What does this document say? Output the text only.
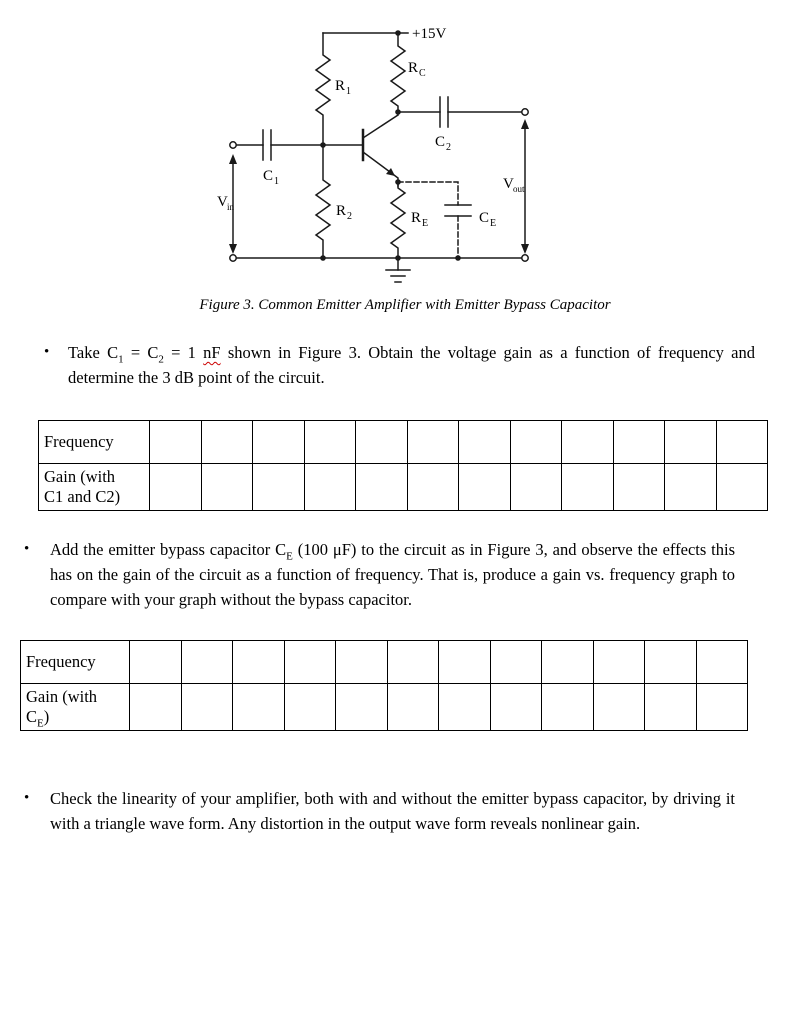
+15V
R 1
R C
R 2	R E
C 1
C 2
C E
V in
V out
Figure 3. Common Emitter Amplifier with Emitter Bypass Capacitor
•	Take $C_1 = C_2 = 1$ nF shown in Figure 3. Obtain the voltage gain as a function of frequency and determine the 3 dB point of the circuit.

Frequency												
Gain (with
C1 and C2)												
•	Add the emitter bypass capacitor $C_E$ (100 μF) to the circuit as in Figure 3, and observe the effects this has on the gain of the circuit as a function of frequency. That is, produce a gain vs. frequency graph to compare with your graph without the bypass capacitor.

Frequency												
Gain (with
$C_E$)												
•	Check the linearity of your amplifier, both with and without the emitter bypass capacitor, by driving it with a triangle wave form. Any distortion in the output wave form reveals nonlinear gain.
